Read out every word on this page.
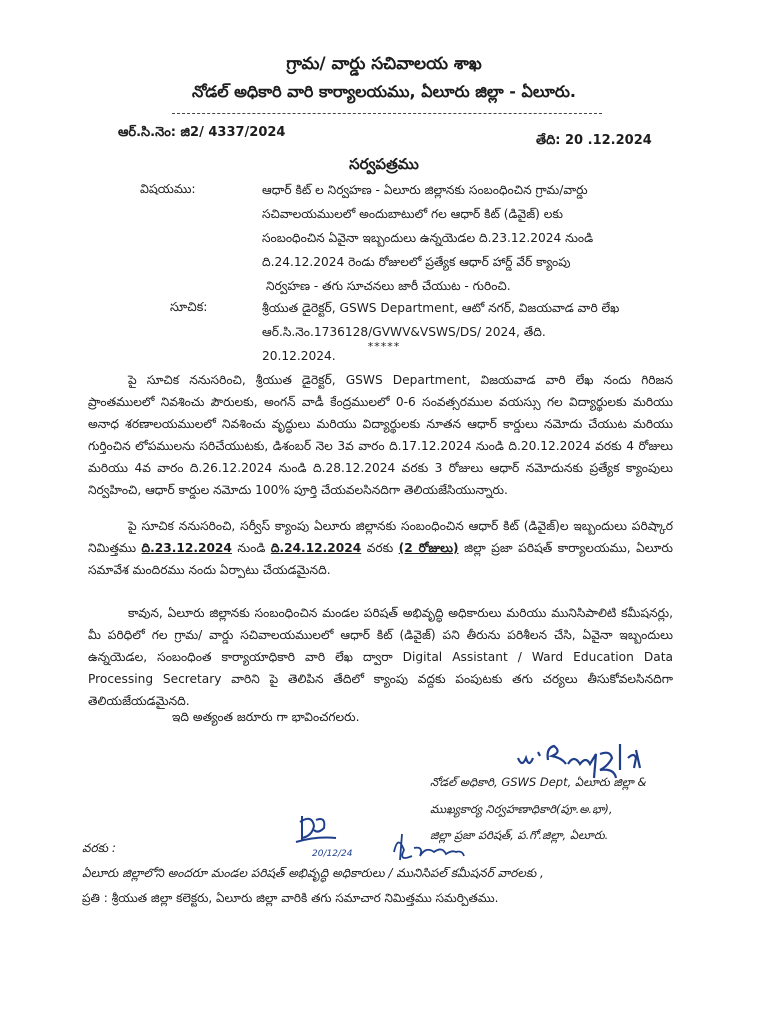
గ్రామ/ వార్డు సచివాలయ శాఖ
నోడల్ అధికారి వారి కార్యాలయము, ఏలూరు జిల్లా - ఏలూరు.
ఆర్.సి.నెం: జి2/ 4337/2024
తేది: 20 .12.2024
సర్వపత్రము
విషయము:	ఆధార్ కిట్ ల నిర్వహణ - ఏలూరు జిల్లానకు సంబంధించిన గ్రామ/వార్డు
సచివాలయములలో అందుబాటులో గల ఆధార్ కిట్ (డివైజ్) లకు
సంబంధించిన ఏవైనా ఇబ్బందులు ఉన్నయెడల ది.23.12.2024 నుండి
ది.24.12.2024 రెండు రోజులలో ప్రత్యేక ఆధార్ హార్డ్ వేర్ క్యాంపు
నిర్వహణ - తగు సూచనలు జారీ చేయుట - గురించి.
సూచిక:	శ్రీయుత డైరెక్టర్, GSWS Department, ఆటో నగర్, విజయవాడ వారి లేఖ
ఆర్.సి.నెం.1736128/GVWV&VSWS/DS/ 2024, తేది. 20.12.2024.
*****
పై సూచిక ననుసరించి, శ్రీయుత డైరెక్టర్, GSWS Department, విజయవాడ వారి లేఖ నందు గిరిజన ప్రాంతములలో నివశించు పౌరులకు, అంగన్ వాడీ కేంద్రములలో 0-6 సంవత్సరముల వయస్సు గల విద్యార్థులకు మరియు అనాధ శరణాలయములలో నివశించు వృద్ధులు మరియు విద్యార్థులకు నూతన ఆధార్ కార్డులు నమోదు చేయుట మరియు గుర్తించిన లోపములను సరిచేయుటకు, డిశంబర్ నెల 3వ వారం ది.17.12.2024 నుండి ది.20.12.2024 వరకు 4 రోజులు మరియు 4వ వారం ది.26.12.2024 నుండి ది.28.12.2024 వరకు 3 రోజులు ఆధార్ నమోదునకు ప్రత్యేక క్యాంపులు నిర్వహించి, ఆధార్ కార్డుల నమోదు 100% పూర్తి చేయవలసినదిగా తెలియజేసియున్నారు.
పై సూచిక ననుసరించి, సర్వీస్ క్యాంపు ఏలూరు జిల్లానకు సంబంధించిన ఆధార్ కిట్ (డివైజ్)ల ఇబ్బందులు పరిష్కార నిమిత్తము ది.23.12.2024 నుండి ది.24.12.2024 వరకు (2 రోజులు) జిల్లా ప్రజా పరిషత్ కార్యాలయము, ఏలూరు సమావేశ మందిరము నందు ఏర్పాటు చేయడమైనది.
కావున, ఏలూరు జిల్లానకు సంబంధించిన మండల పరిషత్ అభివృద్ధి అధికారులు మరియు మునిసిపాలిటి కమీషనర్లు, మీ పరిధిలో గల గ్రామ/ వార్డు సచివాలయములలో ఆధార్ కిట్ (డివైజ్) పని తీరును పరిశీలన చేసి, ఏవైనా ఇబ్బందులు ఉన్నయెడల, సంబంధింత కార్యాయాధికారి వారి లేఖ ద్వారా Digital Assistant / Ward Education Data Processing Secretary వారిని పై తెలిపిన తేదిలో క్యాంపు వద్దకు పంపుటకు తగు చర్యలు తీసుకోవలసినదిగా తెలియజేయడమైనది.
ఇది అత్యంత జరూరు గా భావించగలరు.
20/12/24
నోడల్ అధికారి, GSWS Dept, ఏలూరు జిల్లా &
ముఖ్యకార్య నిర్వహణాధికారి(పూ.అ.భా),
జిల్లా ప్రజా పరిషత్, ప.గో.జిల్లా, ఏలూరు.
వరకు :
ఏలూరు జిల్లాలోని అందరూ మండల పరిషత్ అభివృద్ధి అధికారులు / మునిసిపల్ కమీషనర్ వారలకు ,
ప్రతి : శ్రీయుత జిల్లా కలెక్టరు, ఏలూరు జిల్లా వారికి తగు సమాచార నిమిత్తము సమర్పితము.
